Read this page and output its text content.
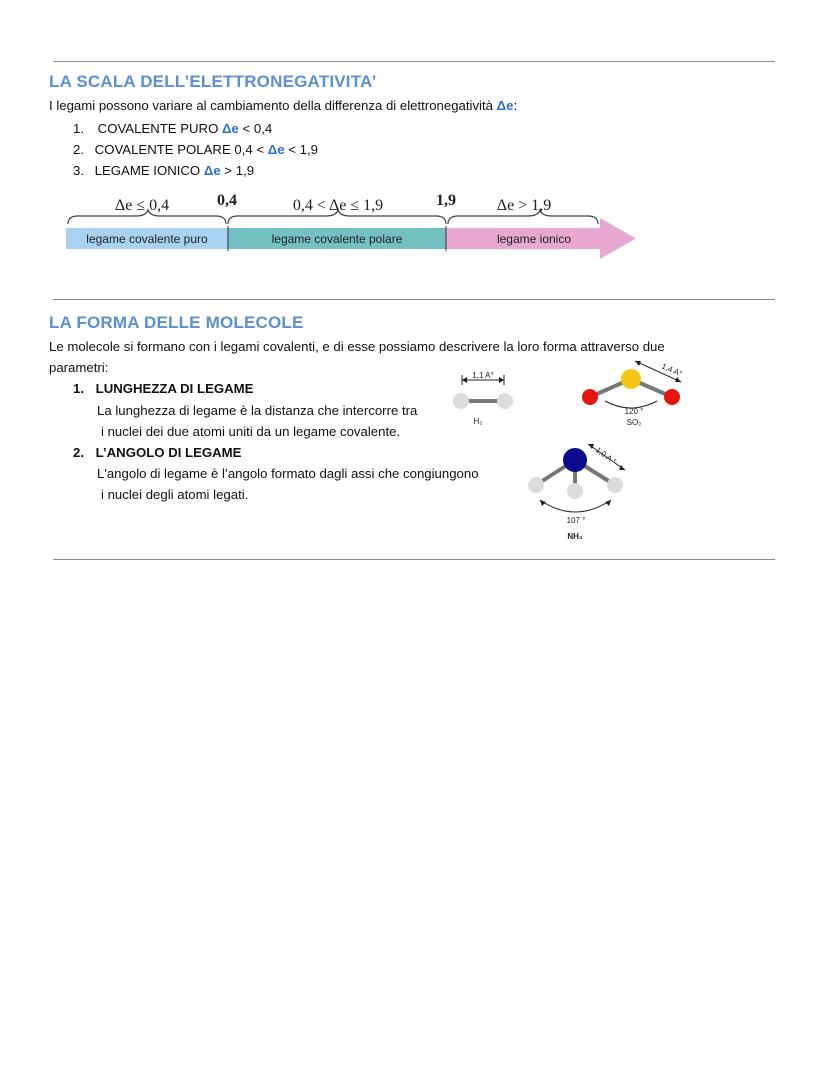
LA SCALA DELL’ELETTRONEGATIVITA’
I legami possono variare al cambiamento della differenza di elettronegatività Δe:
1. COVALENTE PURO Δe < 0,4
2. COVALENTE POLARE 0,4 < Δe < 1,9
3. LEGAME IONICO Δe > 1,9
Δe ≤ 0,4	0,4	0,4 < Δe ≤ 1,9	1,9	Δe > 1,9
legame covalente puro	legame covalente polare	legame ionico
LA FORMA DELLE MOLECOLE
Le molecole si formano con i legami covalenti, e di esse possiamo descrivere la loro forma attraverso due
parametri:
1. LUNGHEZZA DI LEGAME
La lunghezza di legame è la distanza che intercorre tra
i nuclei dei due atomi uniti da un legame covalente.
2. L’ANGOLO DI LEGAME
L'angolo di legame è l’angolo formato dagli assi che congiungono
i nuclei degli atomi legati.
1,1 A°
H₂
1,4 A°
120 °
SO₂
1,0 A °
107 °
NH₃
